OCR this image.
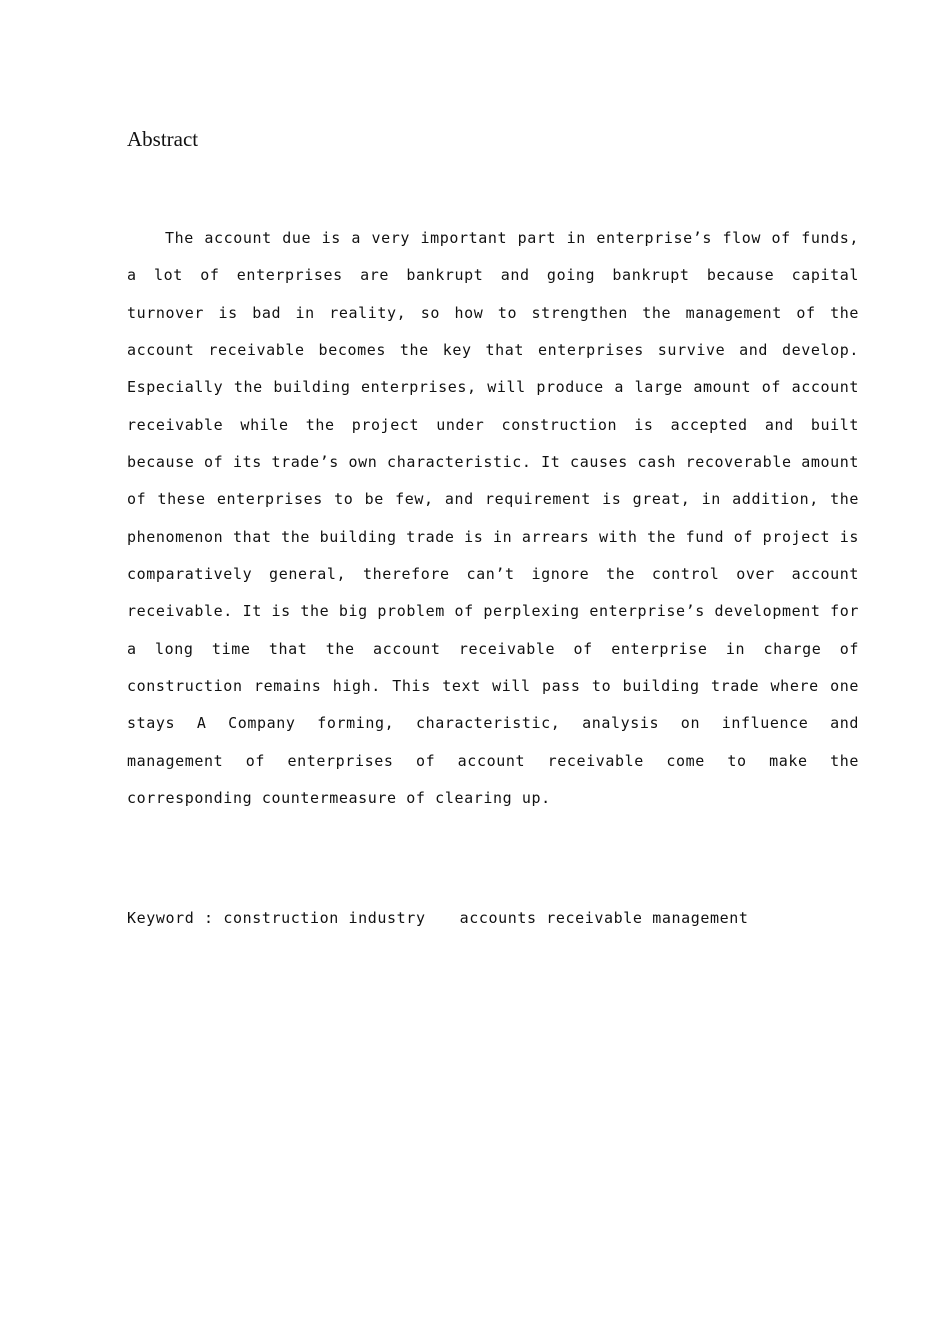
Abstract

The account due is a very important part in enterprise’s flow of funds, a lot of enterprises are bankrupt and going bankrupt because capital turnover is bad in reality, so how to strengthen the management of the account receivable becomes the key that enterprises survive and develop. Especially the building enterprises, will produce a large amount of account receivable while the project under construction is accepted and built because of its trade’s own characteristic. It causes cash recoverable amount of these enterprises to be few, and requirement is great, in addition, the phenomenon that the building trade is in arrears with the fund of project is comparatively general, therefore can’t ignore the control over account receivable. It is the big problem of perplexing enterprise’s development for a long time that the account receivable of enterprise in charge of construction remains high. This text will pass to building trade where one stays A Company forming, characteristic, analysis on influence and management of enterprises of account receivable come to make the corresponding countermeasure of clearing up.

Keyword : construction industry accounts receivable management
